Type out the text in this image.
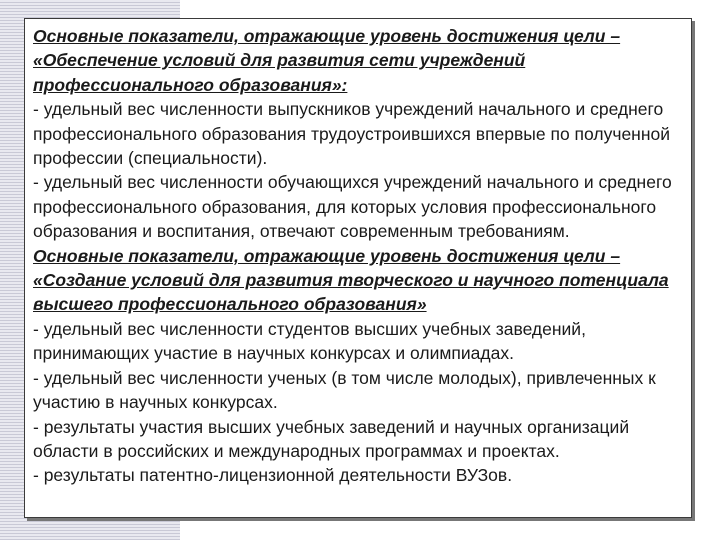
Основные показатели, отражающие уровень достижения цели – «Обеспечение условий для развития сети учреждений профессионального образования»:

- удельный вес численности выпускников учреждений начального и среднего профессионального образования трудоустроившихся впервые по полученной профессии (специальности).

- удельный вес численности обучающихся учреждений начального и среднего профессионального образования, для которых условия профессионального образования и воспитания, отвечают современным требованиям.

Основные показатели, отражающие уровень достижения цели – «Создание условий для развития творческого и научного потенциала высшего профессионального образования»

- удельный вес численности студентов высших учебных заведений, принимающих участие в научных конкурсах и олимпиадах.

- удельный вес численности ученых (в том числе молодых), привлеченных к участию в научных конкурсах.

- результаты участия высших учебных заведений и научных организаций области в российских и международных программах и проектах.

- результаты патентно-лицензионной деятельности ВУЗов.
